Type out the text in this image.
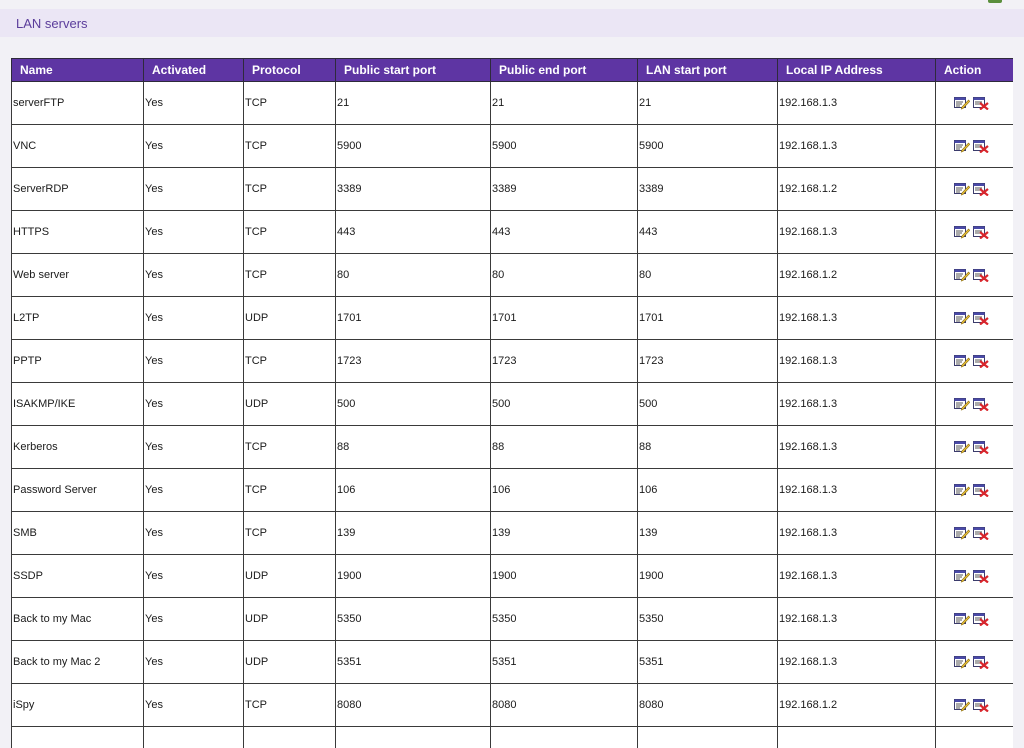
LAN servers
Name	Activated	Protocol	Public start port	Public end port	LAN start port	Local IP Address	Action
serverFTP	Yes	TCP	21	21	21	192.168.1.3	

VNC	Yes	TCP	5900	5900	5900	192.168.1.3	

ServerRDP	Yes	TCP	3389	3389	3389	192.168.1.2	

HTTPS	Yes	TCP	443	443	443	192.168.1.3	

Web server	Yes	TCP	80	80	80	192.168.1.2	

L2TP	Yes	UDP	1701	1701	1701	192.168.1.3	

PPTP	Yes	TCP	1723	1723	1723	192.168.1.3	

ISAKMP/IKE	Yes	UDP	500	500	500	192.168.1.3	

Kerberos	Yes	TCP	88	88	88	192.168.1.3	

Password Server	Yes	TCP	106	106	106	192.168.1.3	

SMB	Yes	TCP	139	139	139	192.168.1.3	

SSDP	Yes	UDP	1900	1900	1900	192.168.1.3	

Back to my Mac	Yes	UDP	5350	5350	5350	192.168.1.3	

Back to my Mac 2	Yes	UDP	5351	5351	5351	192.168.1.3	

iSpy	Yes	TCP	8080	8080	8080	192.168.1.2	
